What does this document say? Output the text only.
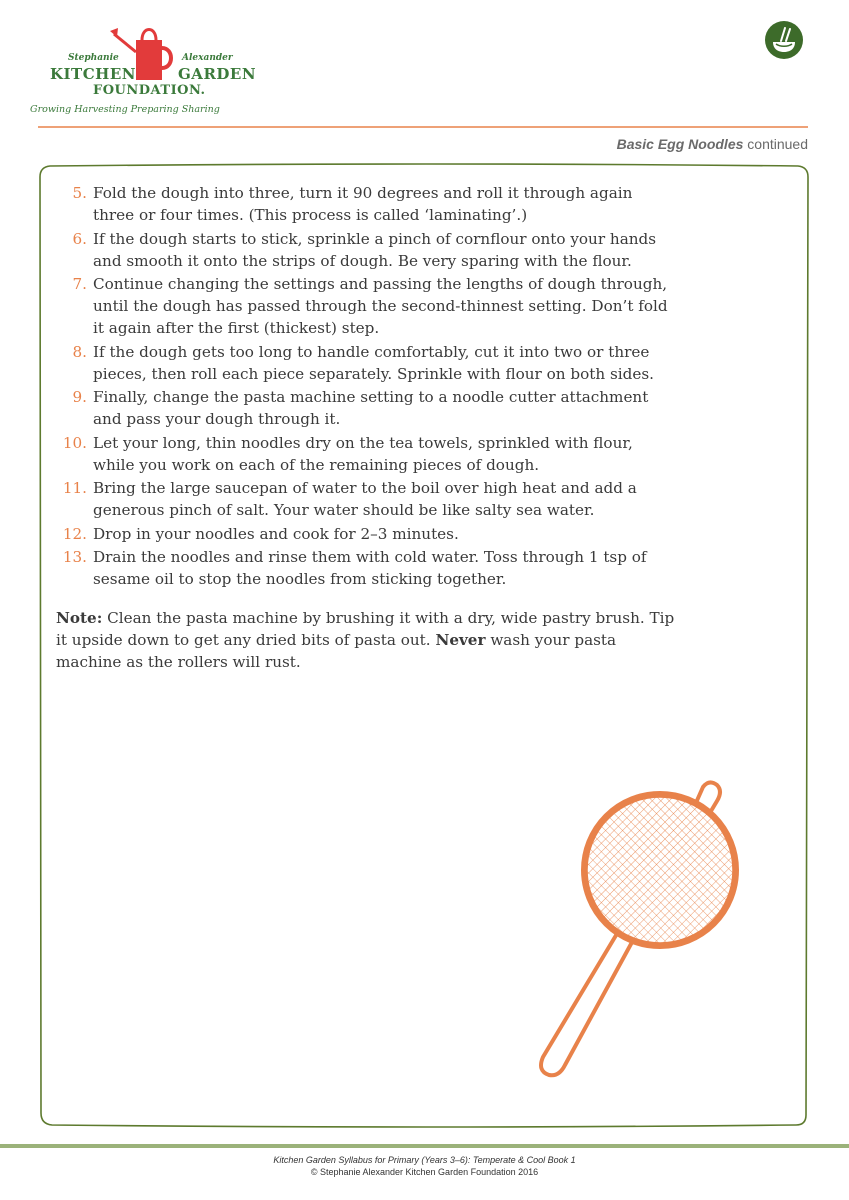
Stephanie	Alexander
KITCHEN	GARDEN
FOUNDATION.
Growing Harvesting Preparing Sharing
Basic Egg Noodles continued
5. Fold the dough into three, turn it 90 degrees and roll it through again three or four times. (This process is called ‘laminating’.)
6. If the dough starts to stick, sprinkle a pinch of cornflour onto your hands and smooth it onto the strips of dough. Be very sparing with the flour.
7. Continue changing the settings and passing the lengths of dough through, until the dough has passed through the second-thinnest setting. Don’t fold it again after the first (thickest) step.
8. If the dough gets too long to handle comfortably, cut it into two or three pieces, then roll each piece separately. Sprinkle with flour on both sides.
9. Finally, change the pasta machine setting to a noodle cutter attachment and pass your dough through it.
10. Let your long, thin noodles dry on the tea towels, sprinkled with flour, while you work on each of the remaining pieces of dough.
11. Bring the large saucepan of water to the boil over high heat and add a generous pinch of salt. Your water should be like salty sea water.
12. Drop in your noodles and cook for 2–3 minutes.
13. Drain the noodles and rinse them with cold water. Toss through 1 tsp of sesame oil to stop the noodles from sticking together.

Note: Clean the pasta machine by brushing it with a dry, wide pastry brush. Tip it upside down to get any dried bits of pasta out. Never wash your pasta machine as the rollers will rust.

Kitchen Garden Syllabus for Primary (Years 3–6): Temperate & Cool Book 1
© Stephanie Alexander Kitchen Garden Foundation 2016
